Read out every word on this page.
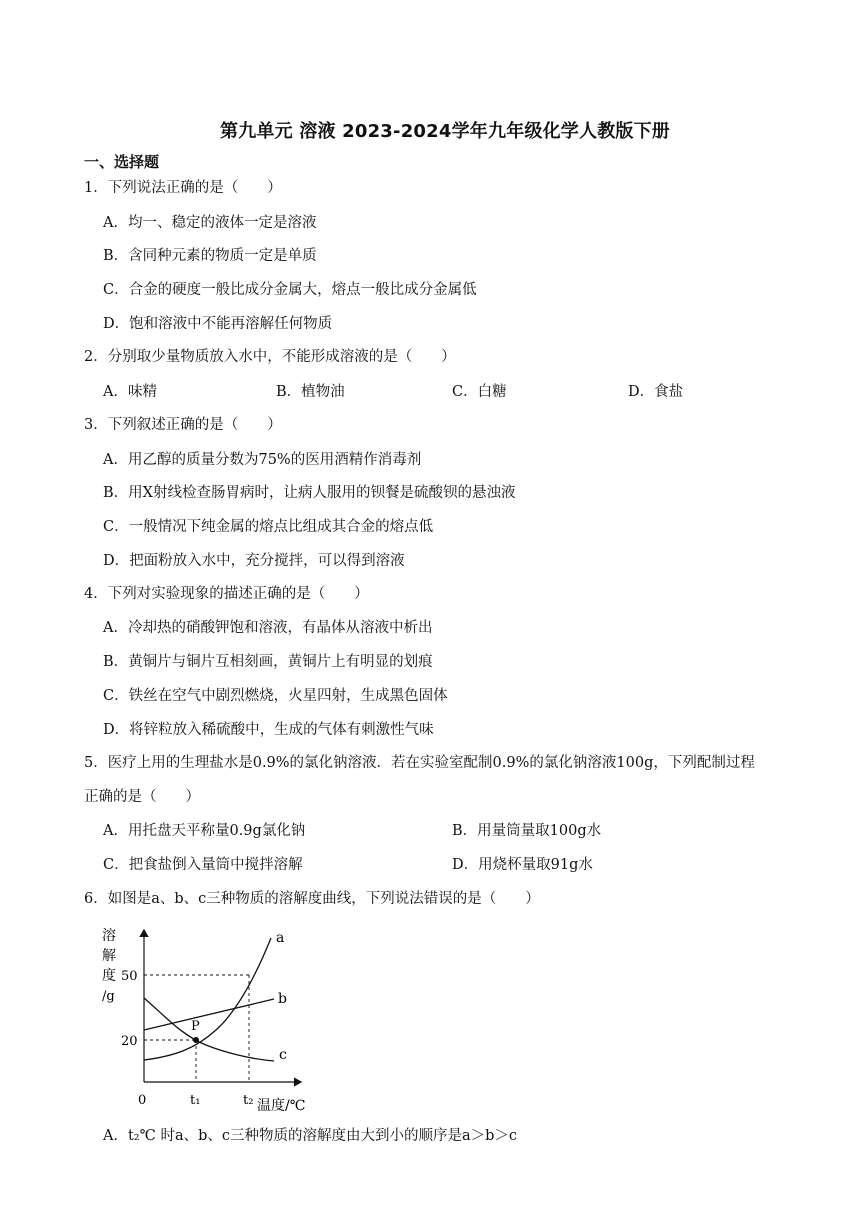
第九单元 溶液 2023-2024学年九年级化学人教版下册
一、选择题
1．下列说法正确的是（　　）
A．均一、稳定的液体一定是溶液
B．含同种元素的物质一定是单质
C．合金的硬度一般比成分金属大，熔点一般比成分金属低
D．饱和溶液中不能再溶解任何物质
2．分别取少量物质放入水中，不能形成溶液的是（　　）
A．味精	B．植物油	C．白糖	D．食盐
3．下列叙述正确的是（　　）
A．用乙醇的质量分数为75%的医用酒精作消毒剂
B．用X射线检查肠胃病时，让病人服用的钡餐是硫酸钡的悬浊液
C．一般情况下纯金属的熔点比组成其合金的熔点低
D．把面粉放入水中，充分搅拌，可以得到溶液
4．下列对实验现象的描述正确的是（　　）
A．冷却热的硝酸钾饱和溶液，有晶体从溶液中析出
B．黄铜片与铜片互相刻画，黄铜片上有明显的划痕
C．铁丝在空气中剧烈燃烧，火星四射，生成黑色固体
D．将锌粒放入稀硫酸中，生成的气体有刺激性气味
5．医疗上用的生理盐水是0.9%的氯化钠溶液．若在实验室配制0.9%的氯化钠溶液100g，下列配制过程
正确的是（　　）
A．用托盘天平称量0.9g氯化钠	B．用量筒量取100g水
C．把食盐倒入量筒中搅拌溶解	D．用烧杯量取91g水
6．如图是a、b、c三种物质的溶解度曲线，下列说法错误的是（　　）
溶
解
度
/g
50
20
0	t₁	t₂ 温度/℃
a
b
c
P
A．t₂℃ 时a、b、c三种物质的溶解度由大到小的顺序是a＞b＞c
